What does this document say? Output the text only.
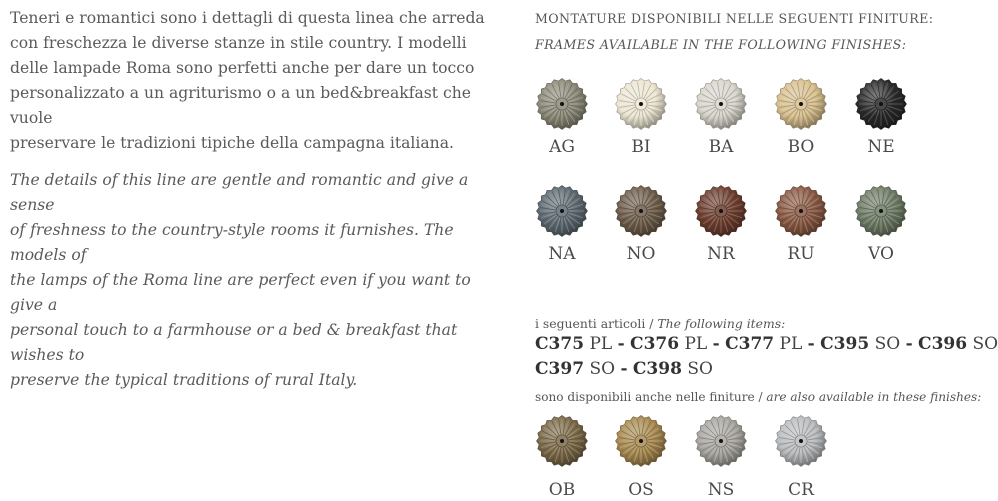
Teneri e romantici sono i dettagli di questa linea che arreda
con freschezza le diverse stanze in stile country. I modelli
delle lampade Roma sono perfetti anche per dare un tocco
personalizzato a un agriturismo o a un bed&breakfast che vuole
preservare le tradizioni tipiche della campagna italiana.

The details of this line are gentle and romantic and give a sense
of freshness to the country-style rooms it furnishes. The models of
the lamps of the Roma line are perfect even if you want to give a
personal touch to a farmhouse or a bed & breakfast that wishes to
preserve the typical traditions of rural Italy.

MONTATURE DISPONIBILI NELLE SEGUENTI FINITURE:
FRAMES AVAILABLE IN THE FOLLOWING FINISHES:
AG	BI	BA	BO	NE
NA	NO	NR	RU	VO
i seguenti articoli / The following items:
C375 PL - C376 PL - C377 PL - C395 SO - C396 SO
C397 SO - C398 SO
sono disponibili anche nelle finiture / are also available in these finishes:
OB	OS	NS	CR
